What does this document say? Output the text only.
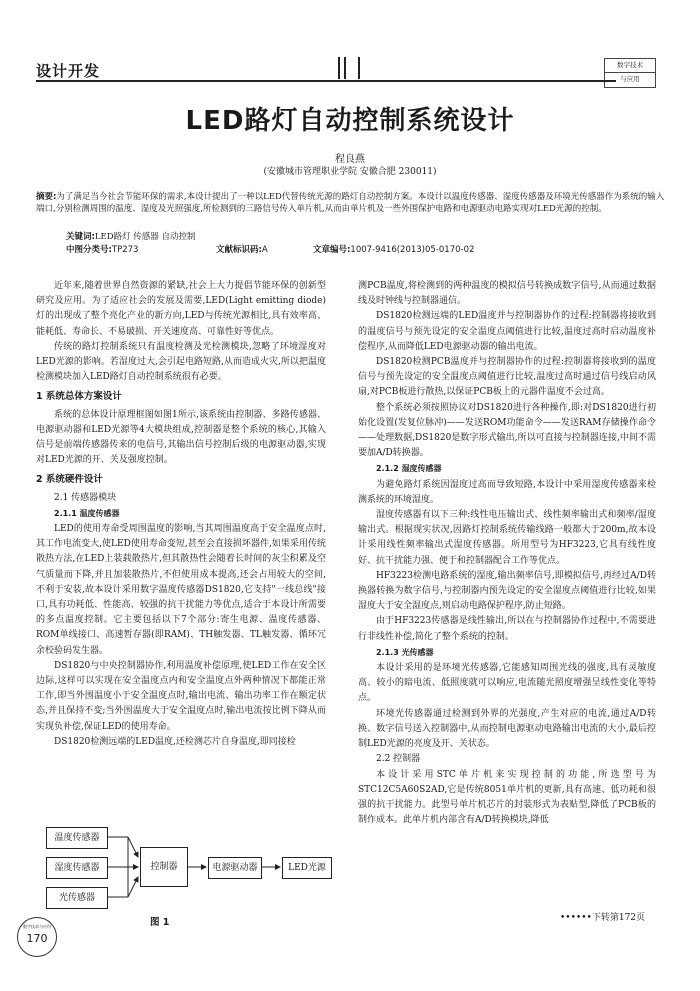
设计开发	数字技术
与应用
LED路灯自动控制系统设计
程良燕
(安徽城市管理职业学院 安徽合肥 230011)
摘要:为了满足当今社会节能环保的需求,本设计提出了一种以LED代替传统光源的路灯自动控制方案。本设计以温度传感器、湿度传感器及环境光传感器作为系统的输入端口,分别检测周围的温度、湿度及光照强度,所检测到的三路信号传入单片机,从而由单片机及一些外围保护电路和电源驱动电路实现对LED光源的控制。
关键词:LED路灯 传感器 自动控制
中图分类号:TP273	文献标识码:A	文章编号:1007-9416(2013)05-0170-02

近年来,随着世界自然资源的紧缺,社会上大力提倡节能环保的创新型研究及应用。为了适应社会的发展及需要,LED(Light emitting diode)灯的出现成了整个亮化产业的新方向,LED与传统光源相比,具有效率高、能耗低、寿命长、不易破损、开关速度高、可靠性好等优点。

传统的路灯控制系统只有温度检测及光检测模块,忽略了环境湿度对LED光源的影响。若湿度过大,会引起电路短路,从而造成火灾,所以把温度检测模块加入LED路灯自动控制系统很有必要。

1 系统总体方案设计

系统的总体设计原理框图如图1所示,该系统由控制器、多路传感器、电源驱动器和LED光源等4大模块组成,控制器是整个系统的核心,其输入信号是前端传感器传来的电信号,其输出信号控制后级的电源驱动器,实现对LED光源的开、关及强度控制。

2 系统硬件设计

2.1 传感器模块

2.1.1 温度传感器

LED的使用寿命受周围温度的影响,当其周围温度高于安全温度点时,其工作电流变大,使LED使用寿命变短,甚至会直接损坏器件,如果采用传统散热方法,在LED上装载散热片,但其散热性会随着长时间的灰尘积累及空气质量而下降,并且加装散热片,不但使用成本提高,还会占用较大的空间,不利于安装,故本设计采用数字温度传感器DS1820,它支持"一线总线"接口,具有功耗低、性能高、较强的抗干扰能力等优点,适合于本设计所需要的多点温度控制。它主要包括以下7个部分:寄生电源、温度传感器、ROM单线接口、高速暂存器(即RAM)、TH触发器、TL触发器、循环冗余校验码发生器。

DS1820与中央控制器协作,利用温度补偿原理,使LED工作在安全区边际,这样可以实现在安全温度点内和安全温度点外两种情况下都能正常工作,即当外围温度小于安全温度点时,输出电流、输出功率工作在额定状态,并且保持不变;当外围温度大于安全温度点时,输出电流按比例下降从而实现负补偿,保证LED的使用寿命。

DS1820检测远端的LED温度,还检测芯片自身温度,即同接检

温度传感器
湿度传感器
光传感器
控制器	电源驱动器	LED光源
图 1

测PCB温度,将检测到的两种温度的模拟信号转换成数字信号,从而通过数据线及时钟线与控制器通信。

DS1820检测远端的LED温度并与控制器协作的过程:控制器将接收到的温度信号与预先设定的安全温度点阈值进行比较,温度过高时启动温度补偿程序,从而降低LED电源驱动器的输出电流。

DS1820检测PCB温度并与控制器协作的过程:控制器将接收到的温度信号与预先设定的安全温度点阈值进行比较,温度过高时通过信号线启动风扇,对PCB板进行散热,以保证PCB板上的元器件温度不会过高。

整个系统必须按照协议对DS1820进行各种操作,即:对DS1820进行初始化设置(发复位脉冲)——发送ROM功能命令——发送RAM存储操作命令——处理数据,DS1820是数字形式输出,所以可直接与控制器连接,中间不需要加A/D转换器。

2.1.2 湿度传感器

为避免路灯系统因湿度过高而导致短路,本设计中采用湿度传感器来检测系统的环境湿度。

湿度传感器有以下三种:线性电压输出式、线性频率输出式和频率/湿度输出式。根据现实状况,因路灯控制系统传输线路一般都大于200m,故本设计采用线性频率输出式湿度传感器。所用型号为HF3223,它具有线性度好、抗干扰能力强、便于和控制器配合工作等优点。

HF3223检测电路系统的湿度,输出频率信号,即模拟信号,再经过A/D转换器转换为数字信号,与控制器内预先设定的安全湿度点阈值进行比较,如果湿度大于安全湿度点,则启动电路保护程序,防止短路。

由于HF3223传感器是线性输出,所以在与控制器协作过程中,不需要进行非线性补偿,简化了整个系统的控制。

2.1.3 光传感器

本设计采用的是环境光传感器,它能感知周围光线的强度,具有灵敏度高、较小的暗电流、低照度就可以响应,电流随光照度增强呈线性变化等特点。

环境光传感器通过检测到外界的光强度,产生对应的电流,通过A/D转换、数字信号送入控制器中,从而控制电源驱动电路输出电流的大小,最后控制LED光源的亮度及开、关状态。

2.2 控制器

本设计采用STC单片机来实现控制的功能,所选型号为STC12C5A60S2AD,它是传统8051单片机的更新,具有高速、低功耗和很强的抗干扰能力。此型号单片机芯片的封装形式为表贴型,降低了PCB板的制作成本。此单片机内部含有A/D转换模块,降低

••••••下转第172页
数字技术与应用
170
